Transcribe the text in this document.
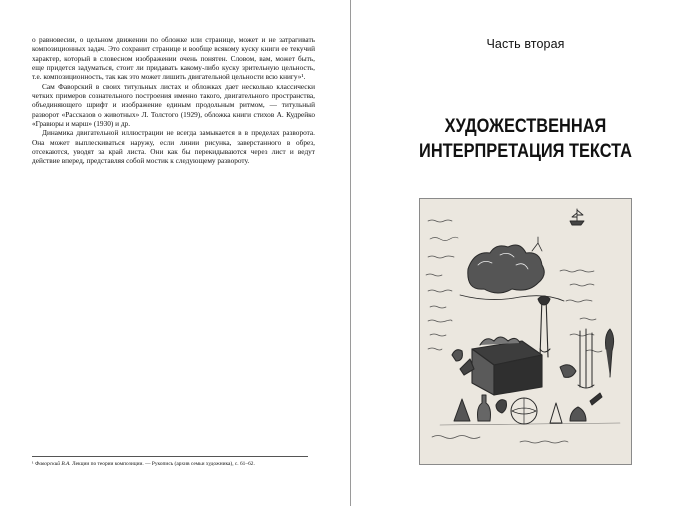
о равновесии, о цельном движении по обложке или странице, может и не затрагивать композиционных задач. Это сохранит странице и вообще всякому куску книги ее текучий характер, который в словесном изображении очень понятен. Словом, вам, может быть, еще придется задуматься, стоит ли придавать какому-либо куску зрительную цельность, т.е. композиционность, так как это может лишить двигательной цельности всю книгу»¹.

Сам Фаворский в своих титульных листах и обложках дает несколько классически четких примеров сознательного построения именно такого, двигательного пространства, объединяющего шрифт и изображение единым продольным ритмом, — титульный разворот «Рассказов о животных» Л. Толстого (1929), обложка книги стихов А. Кудрейко «Гравюры и марш» (1930) и др.

Динамика двигательной иллюстрации не всегда замыкается в в пределах разворота. Она может выплескиваться наружу, если линии рисунка, заверстанного в обрез, отсекаются, уводят за край листа. Они как бы перекидываются через лист и ведут действие вперед, представляя собой мостик к следующему развороту.

¹ Фаворский В.А. Лекции по теории композиции. — Рукопись (архив семьи художника), с. 61–62.
Часть вторая
ХУДОЖЕСТВЕННАЯ
ИНТЕРПРЕТАЦИЯ ТЕКСТА
